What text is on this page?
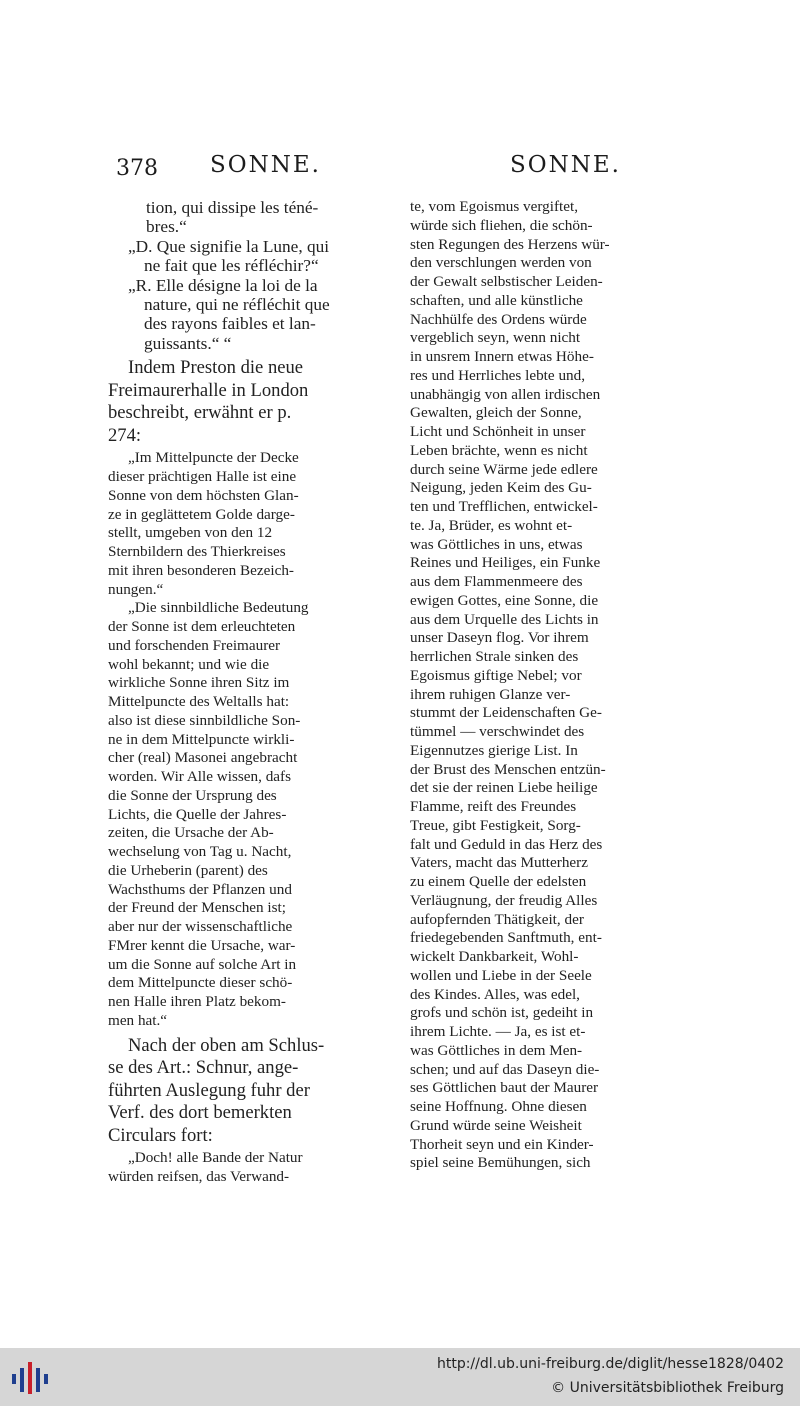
378 SONNE.	SONNE.

tion, qui dissipe les téné-
bres.“
„D. Que signifie la Lune, qui
ne fait que les réfléchir?“
„R. Elle désigne la loi de la
nature, qui ne réfléchit que
des rayons faibles et lan-
guissants.“ “

Indem Preston die neue
Freimaurerhalle in London
beschreibt, erwähnt er p.
274:

„Im Mittelpuncte der Decke
dieser prächtigen Halle ist eine
Sonne von dem höchsten Glan-
ze in geglättetem Golde darge-
stellt, umgeben von den 12
Sternbildern des Thierkreises
mit ihren besonderen Bezeich-
nungen.“

„Die sinnbildliche Bedeutung
der Sonne ist dem erleuchteten
und forschenden Freimaurer
wohl bekannt; und wie die
wirkliche Sonne ihren Sitz im
Mittelpuncte des Weltalls hat:
also ist diese sinnbildliche Son-
ne in dem Mittelpuncte wirkli-
cher (real) Masonei angebracht
worden. Wir Alle wissen, dafs
die Sonne der Ursprung des
Lichts, die Quelle der Jahres-
zeiten, die Ursache der Ab-
wechselung von Tag u. Nacht,
die Urheberin (parent) des
Wachsthums der Pflanzen und
der Freund der Menschen ist;
aber nur der wissenschaftliche
FMrer kennt die Ursache, war-
um die Sonne auf solche Art in
dem Mittelpuncte dieser schö-
nen Halle ihren Platz bekom-
men hat.“

Nach der oben am Schlus-
se des Art.: Schnur, ange-
führten Auslegung fuhr der
Verf. des dort bemerkten
Circulars fort:

„Doch! alle Bande der Natur
würden reifsen, das Verwand-

te, vom Egoismus vergiftet,
würde sich fliehen, die schön-
sten Regungen des Herzens wür-
den verschlungen werden von
der Gewalt selbstischer Leiden-
schaften, und alle künstliche
Nachhülfe des Ordens würde
vergeblich seyn, wenn nicht
in unsrem Innern etwas Höhe-
res und Herrliches lebte und,
unabhängig von allen irdischen
Gewalten, gleich der Sonne,
Licht und Schönheit in unser
Leben brächte, wenn es nicht
durch seine Wärme jede edlere
Neigung, jeden Keim des Gu-
ten und Trefflichen, entwickel-
te. Ja, Brüder, es wohnt et-
was Göttliches in uns, etwas
Reines und Heiliges, ein Funke
aus dem Flammenmeere des
ewigen Gottes, eine Sonne, die
aus dem Urquelle des Lichts in
unser Daseyn flog. Vor ihrem
herrlichen Strale sinken des
Egoismus giftige Nebel; vor
ihrem ruhigen Glanze ver-
stummt der Leidenschaften Ge-
tümmel — verschwindet des
Eigennutzes gierige List. In
der Brust des Menschen entzün-
det sie der reinen Liebe heilige
Flamme, reift des Freundes
Treue, gibt Festigkeit, Sorg-
falt und Geduld in das Herz des
Vaters, macht das Mutterherz
zu einem Quelle der edelsten
Verläugnung, der freudig Alles
aufopfernden Thätigkeit, der
friedegebenden Sanftmuth, ent-
wickelt Dankbarkeit, Wohl-
wollen und Liebe in der Seele
des Kindes. Alles, was edel,
grofs und schön ist, gedeiht in
ihrem Lichte. — Ja, es ist et-
was Göttliches in dem Men-
schen; und auf das Daseyn die-
ses Göttlichen baut der Maurer
seine Hoffnung. Ohne diesen
Grund würde seine Weisheit
Thorheit seyn und ein Kinder-
spiel seine Bemühungen, sich
http://dl.ub.uni-freiburg.de/diglit/hesse1828/0402
© Universitätsbibliothek Freiburg
